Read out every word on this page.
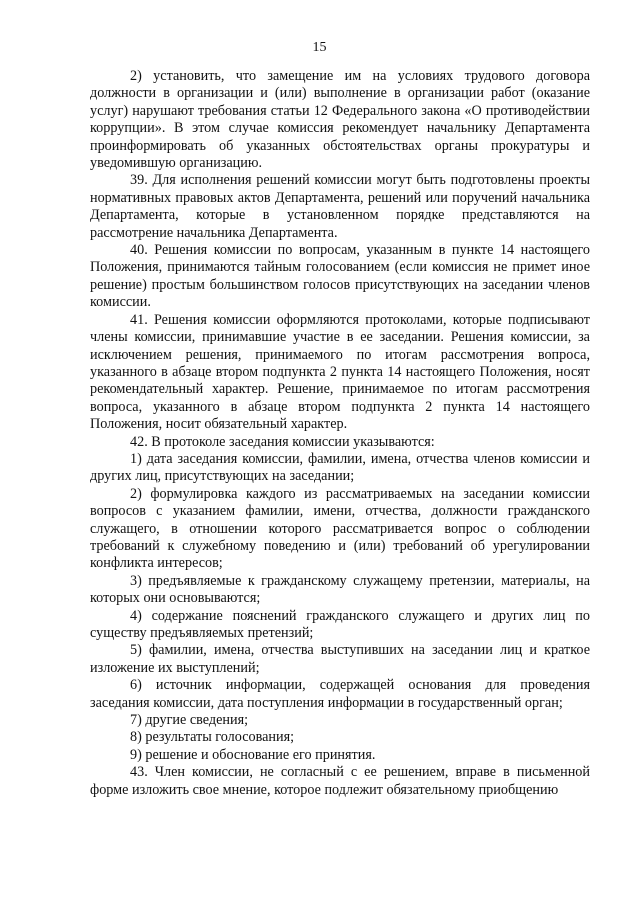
15

2) установить, что замещение им на условиях трудового договора должности в организации и (или) выполнение в организации работ (оказание услуг) нарушают требования статьи 12 Федерального закона «О противодействии коррупции». В этом случае комиссия рекомендует начальнику Департамента проинформировать об указанных обстоятельствах органы прокуратуры и уведомившую организацию.

39. Для исполнения решений комиссии могут быть подготовлены проекты нормативных правовых актов Департамента, решений или поручений начальника Департамента, которые в установленном порядке представляются на рассмотрение начальника Департамента.

40. Решения комиссии по вопросам, указанным в пункте 14 настоящего Положения, принимаются тайным голосованием (если комиссия не примет иное решение) простым большинством голосов присутствующих на заседании членов комиссии.

41. Решения комиссии оформляются протоколами, которые подписывают члены комиссии, принимавшие участие в ее заседании. Решения комиссии, за исключением решения, принимаемого по итогам рассмотрения вопроса, указанного в абзаце втором подпункта 2 пункта 14 настоящего Положения, носят рекомендательный характер. Решение, принимаемое по итогам рассмотрения вопроса, указанного в абзаце втором подпункта 2 пункта 14 настоящего Положения, носит обязательный характер.

42. В протоколе заседания комиссии указываются:

1) дата заседания комиссии, фамилии, имена, отчества членов комиссии и других лиц, присутствующих на заседании;

2) формулировка каждого из рассматриваемых на заседании комиссии вопросов с указанием фамилии, имени, отчества, должности гражданского служащего, в отношении которого рассматривается вопрос о соблюдении требований к служебному поведению и (или) требований об урегулировании конфликта интересов;

3) предъявляемые к гражданскому служащему претензии, материалы, на которых они основываются;

4) содержание пояснений гражданского служащего и других лиц по существу предъявляемых претензий;

5) фамилии, имена, отчества выступивших на заседании лиц и краткое изложение их выступлений;

6) источник информации, содержащей основания для проведения заседания комиссии, дата поступления информации в государственный орган;

7) другие сведения;

8) результаты голосования;

9) решение и обоснование его принятия.

43. Член комиссии, не согласный с ее решением, вправе в письменной форме изложить свое мнение, которое подлежит обязательному приобщению
